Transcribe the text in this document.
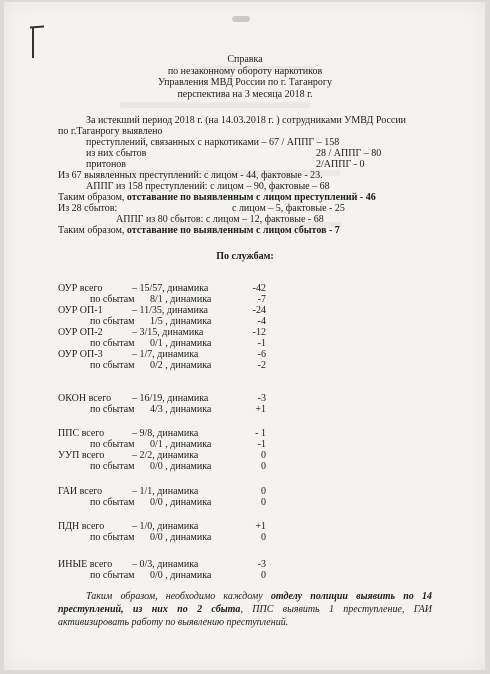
Справка
по незаконному обороту наркотиков
Управления МВД России по г. Таганрогу
перспектива на 3 месяца 2018 г.
За истекший период 2018 г. (на 14.03.2018 г. ) сотрудниками УМВД России
по г.Таганрогу выявлено
преступлений, связанных с наркотиками – 67 / АППГ – 158
из них сбытов	28 / АППГ – 80
притонов	2/АППГ - 0
Из 67 выявленных преступлений: с лицом - 44, фактовые - 23.
АППГ из 158 преступлений: с лицом – 90, фактовые – 68
Таким образом, отставание по выявленным с лицом преступлений - 46
Из 28 сбытов:	с лицом – 5, фактовые - 25
АППГ из 80 сбытов: с лицом – 12, фактовые - 68
Таким образом, отставание по выявленным с лицом сбытов - 7
По службам:
ОУР всего	– 15/57, динамика	-42
по сбытам 8/1 , динамика	-7
ОУР ОП-1	– 11/35, динамика	-24
по сбытам 1/5 , динамика	-4
ОУР ОП-2	– 3/15, динамика	-12
по сбытам 0/1 , динамика	-1
ОУР ОП-3	– 1/7, динамика	-6
по сбытам 0/2 , динамика	-2
ОКОН всего – 16/19, динамика	-3
по сбытам 4/3 , динамика	+1
ППС всего	– 9/8, динамика	- 1
по сбытам 0/1 , динамика	-1
УУП всего	– 2/2, динамика	0
по сбытам 0/0 , динамика	0
ГАИ всего	– 1/1, динамика	0
по сбытам 0/0 , динамика	0
ПДН всего	– 1/0, динамика	+1
по сбытам 0/0 , динамика	0
ИНЫЕ всего – 0/3, динамика	-3
по сбытам 0/0 , динамика	0
Таким образом, необходимо каждому отделу полиции выявить по 14 преступлений, из них по 2 сбыта, ППС выявить 1 преступление, ГАИ активизировать работу по выявлению преступлений.
